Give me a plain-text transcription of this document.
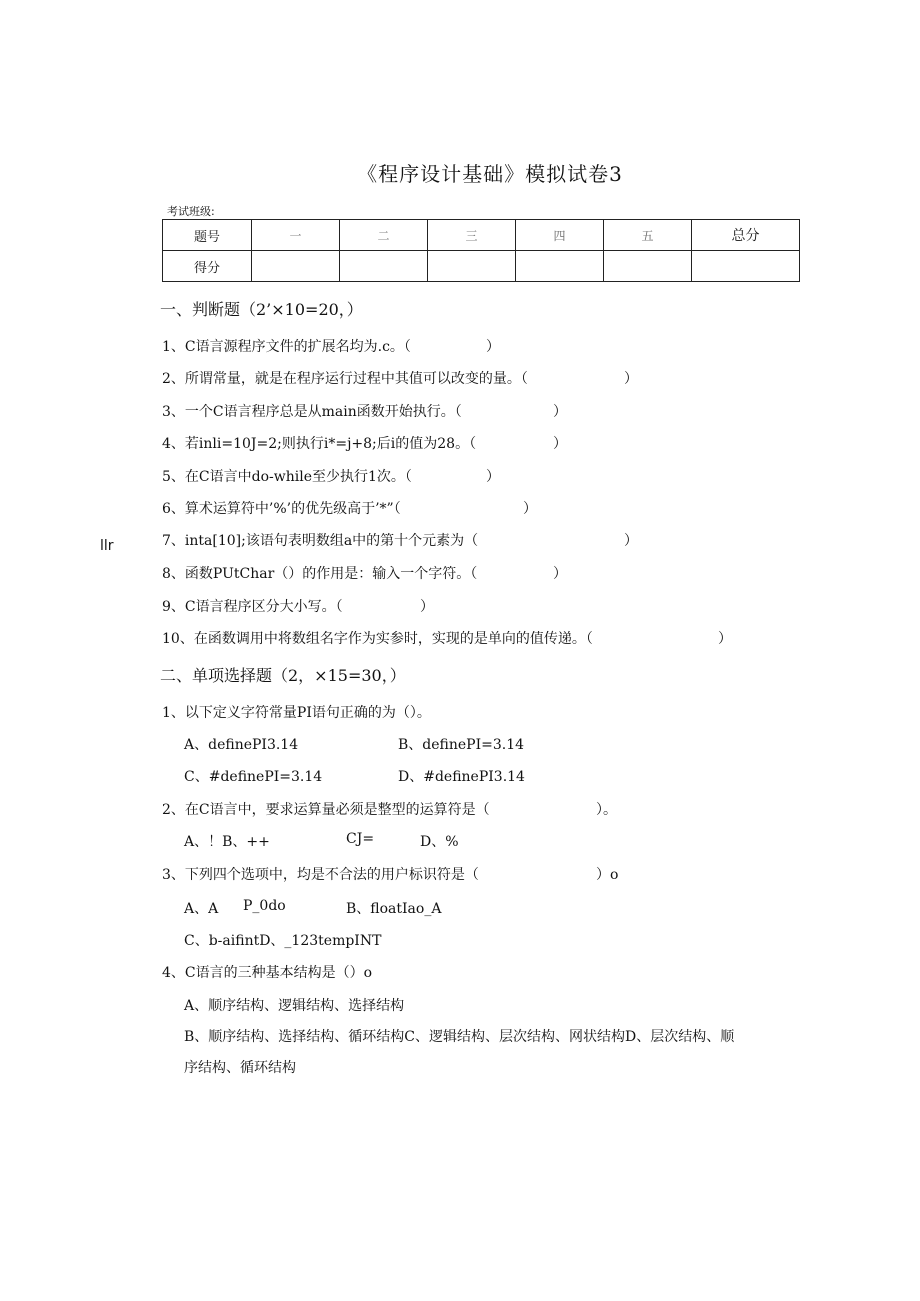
《程序设计基础》模拟试卷3
考试班级:
题号	一	二	三	四	五	总分
得分						
一、判断题（2’×10=20，）
1、C语言源程序文件的扩展名均为.c。（	）
2、所谓常量，就是在程序运行过程中其值可以改变的量。（	）
3、一个C语言程序总是从main函数开始执行。（	）
4、若inli=10J=2;则执行i*=j+8;后i的值为28。（	）
5、在C语言中do-while至少执行1次。（	）
6、算术运算符中’%’的优先级高于’*”（	）
llr	7、inta[10];该语句表明数组a中的第十个元素为（	）
8、函数PUtChar（）的作用是：输入一个字符。（	）
9、C语言程序区分大小写。（	）
10、在函数调用中将数组名字作为实参时，实现的是单向的值传递。（	）
二、单项选择题（2，×15=30，）
1、以下定义字符常量PI语句正确的为（）。
A、definePI3.14	B、definePI=3.14
C、#definePI=3.14	D、#definePI3.14
2、在C语言中，要求运算量必须是整型的运算符是（	）。
A、！B、++	CJ=	D、%
3、下列四个选项中，均是不合法的用户标识符是（	）o
A、A P_0do	B、floatIao_A
C、b-aifintD、_123tempINT
4、C语言的三种基本结构是（）o
A、顺序结构、逻辑结构、选择结构
B、顺序结构、选择结构、循环结构C、逻辑结构、层次结构、网状结构D、层次结构、顺
序结构、循环结构
